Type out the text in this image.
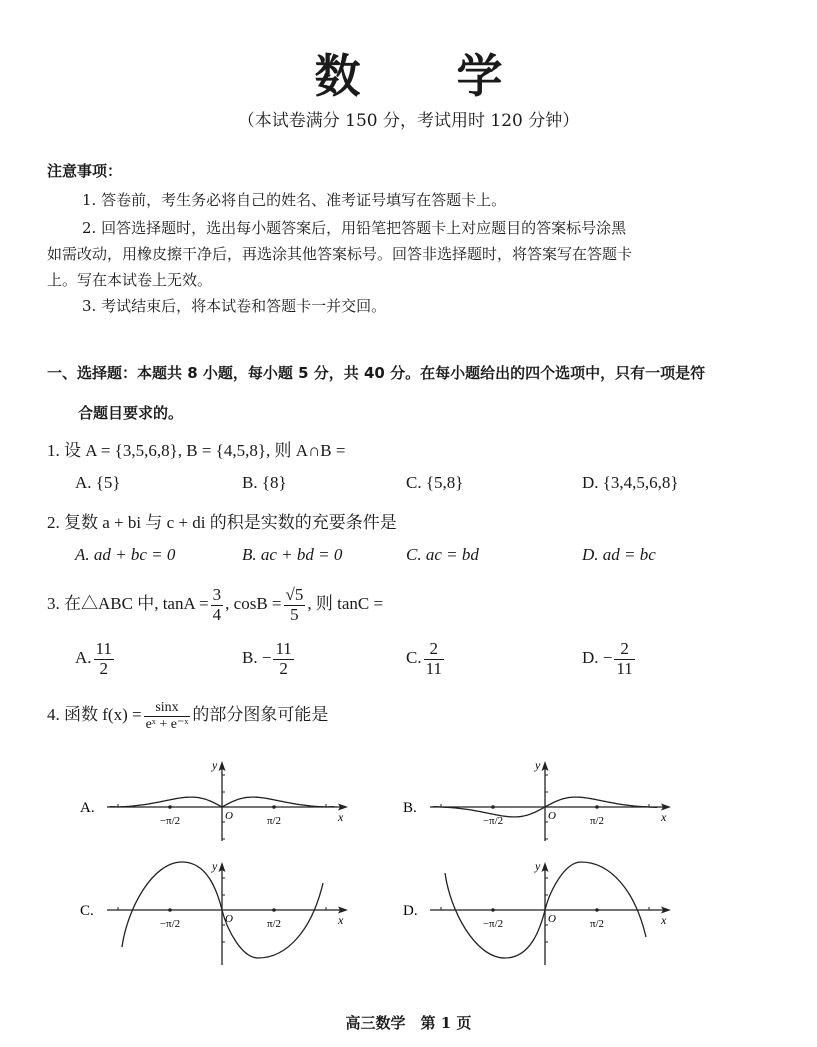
数 学
（本试卷满分 150 分，考试用时 120 分钟）
注意事项：
1. 答卷前，考生务必将自己的姓名、准考证号填写在答题卡上。
2. 回答选择题时，选出每小题答案后，用铅笔把答题卡上对应题目的答案标号涂黑
如需改动，用橡皮擦干净后，再选涂其他答案标号。回答非选择题时，将答案写在答题卡
上。写在本试卷上无效。
3. 考试结束后，将本试卷和答题卡一并交回。
一、选择题：本题共 8 小题，每小题 5 分，共 40 分。在每小题给出的四个选项中，只有一项是符
合题目要求的。
1. 设 A = {3,5,6,8}, B = {4,5,8}, 则 A∩B =
A. {5}	B. {8}	C. {5,8}	D. {3,4,5,6,8}
2. 复数 a + bi 与 c + di 的积是实数的充要条件是
A. ad + bc = 0	B. ac + bd = 0	C. ac = bd	D. ad = bc
3. 在△ABC 中, $\tan A = \frac{3}{4}$ , $\cos B = \frac{√5}{5}$ , 则 tanC =
A. $\frac{11}{2}$	B. − $\frac{11}{2}$	C. $\frac{2}{11}$	D. − $\frac{2}{11}$
4. 函数 $f(x) = \frac{\sin x}{\text{eˣ + e⁻ˣ}}$ 的部分图象可能是
A.
y
x
O
−π/2	π/2
B.
y
x
O
−π/2	π/2
C.
y
x
O
−π/2	π/2
D.
y
x
O
−π/2	π/2
高三数学　第 1 页
